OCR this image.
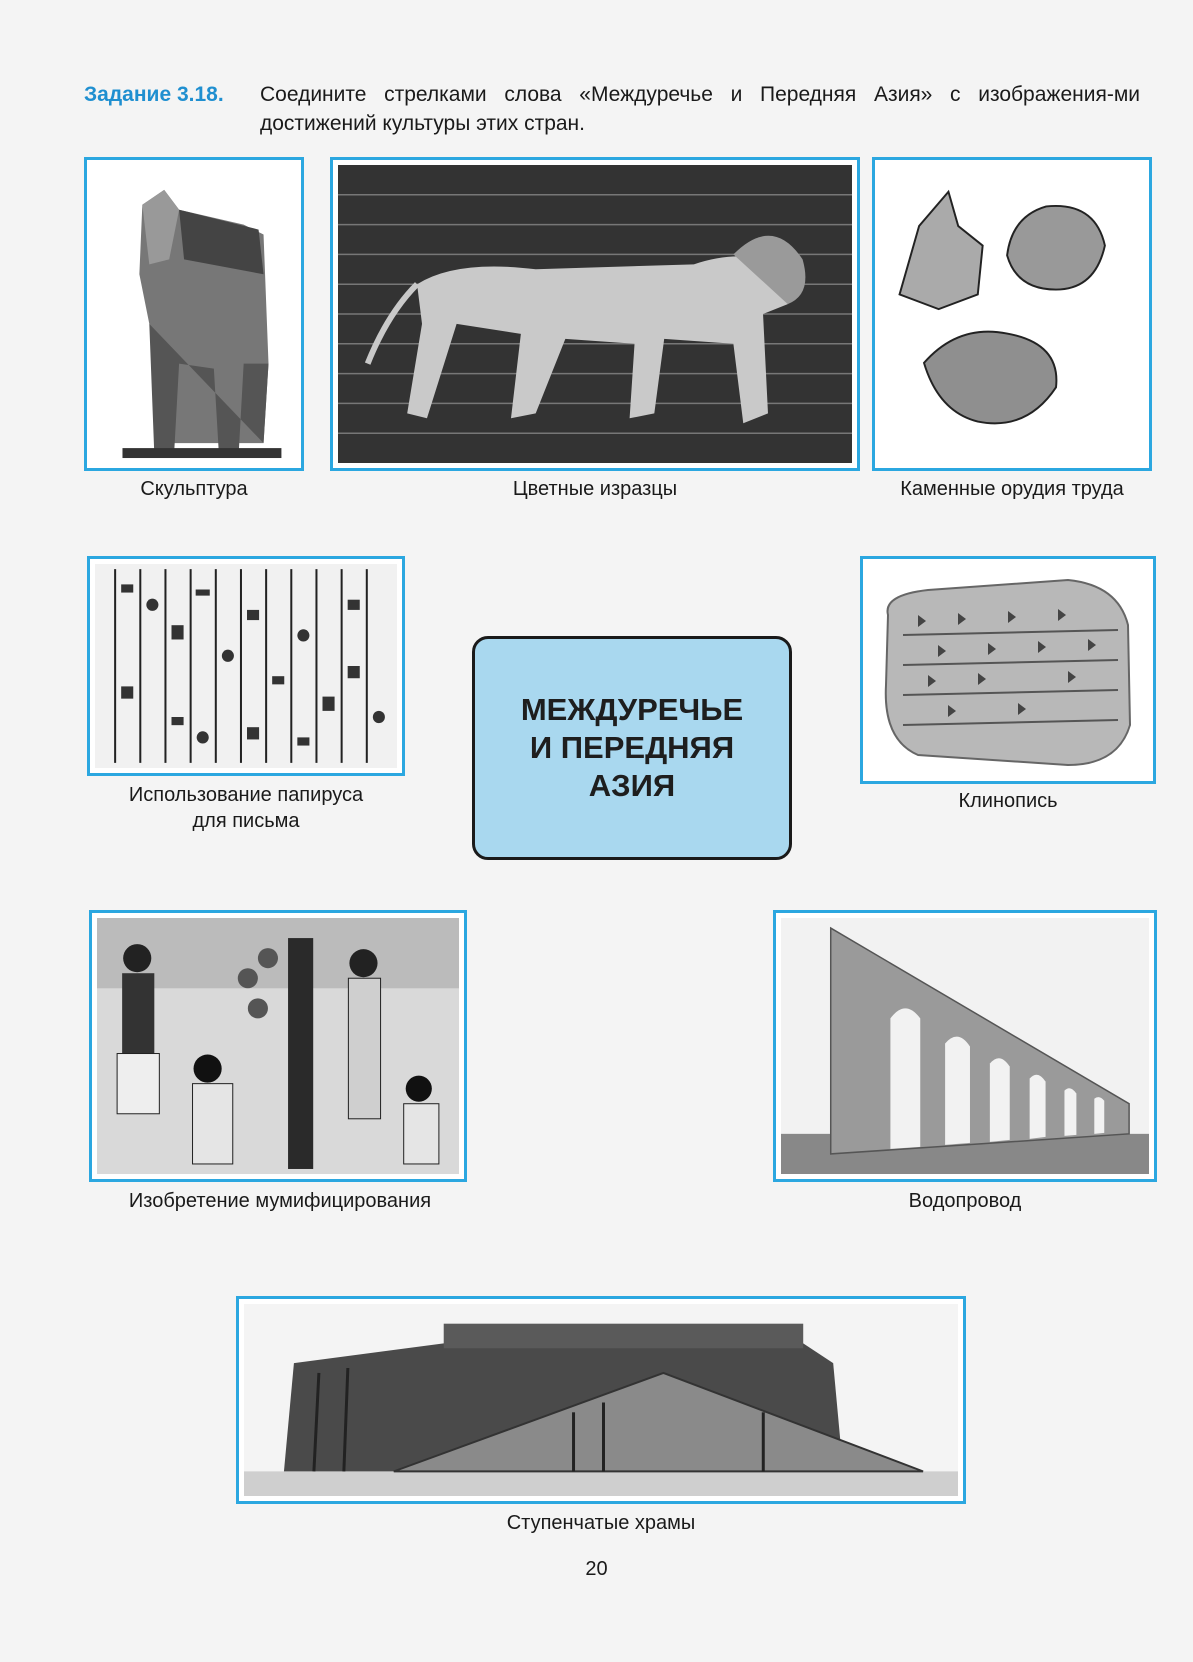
Задание 3.18. Соедините стрелками слова «Междуречье и Передняя Азия» с изображения-ми достижений культуры этих стран.
Скульптура	Цветные изразцы	Каменные орудия труда
Использование папируса
для письма
МЕЖДУРЕЧЬЕ
И ПЕРЕДНЯЯ
АЗИЯ	Клинопись
Изобретение мумифицирования	Водопровод
Ступенчатые храмы
20
